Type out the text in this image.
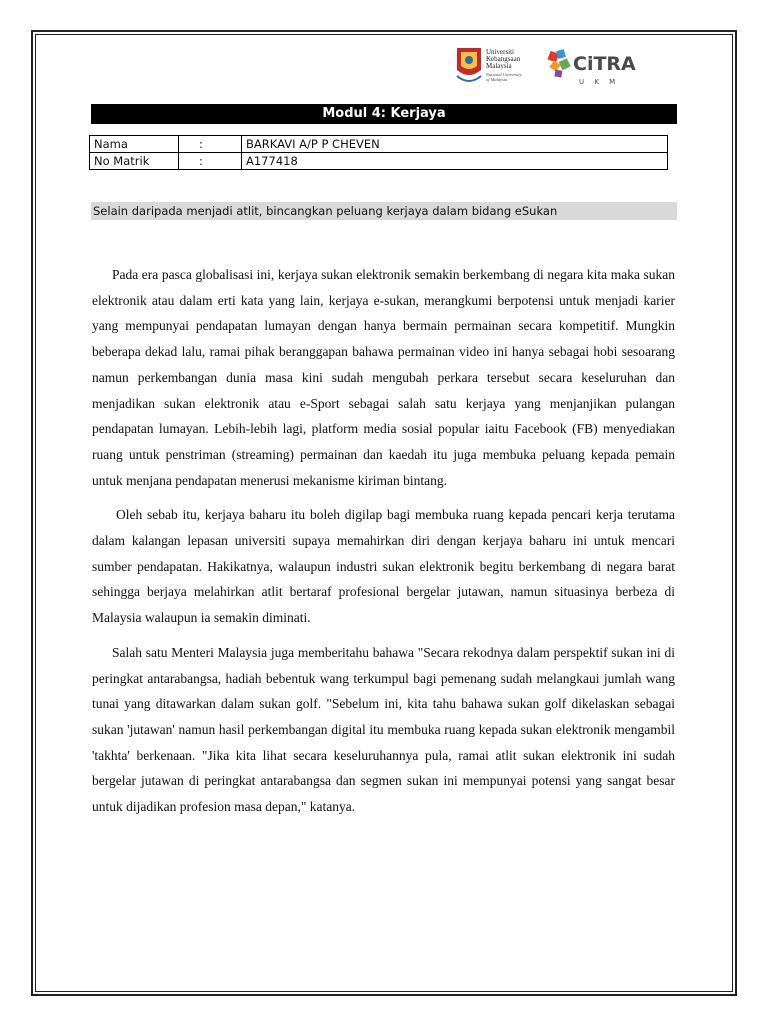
Universiti
Kebangsaan
Malaysia
National University
of Malaysia
CiTRA
U K M
Modul 4: Kerjaya
Nama	:	BARKAVI A/P P CHEVEN
No Matrik	:	A177418
Selain daripada menjadi atlit, bincangkan peluang kerjaya dalam bidang eSukan

Pada era pasca globalisasi ini, kerjaya sukan elektronik semakin berkembang di negara kita maka sukan elektronik atau dalam erti kata yang lain, kerjaya e-sukan, merangkumi berpotensi untuk menjadi karier yang mempunyai pendapatan lumayan dengan hanya bermain permainan secara kompetitif. Mungkin beberapa dekad lalu, ramai pihak beranggapan bahawa permainan video ini hanya sebagai hobi sesoarang namun perkembangan dunia masa kini sudah mengubah perkara tersebut secara keseluruhan dan menjadikan sukan elektronik atau e-Sport sebagai salah satu kerjaya yang menjanjikan pulangan pendapatan lumayan. Lebih-lebih lagi, platform media sosial popular iaitu Facebook (FB) menyediakan ruang untuk penstriman (streaming) permainan dan kaedah itu juga membuka peluang kepada pemain untuk menjana pendapatan menerusi mekanisme kiriman bintang.

Oleh sebab itu, kerjaya baharu itu boleh digilap bagi membuka ruang kepada pencari kerja terutama dalam kalangan lepasan universiti supaya memahirkan diri dengan kerjaya baharu ini untuk mencari sumber pendapatan. Hakikatnya, walaupun industri sukan elektronik begitu berkembang di negara barat sehingga berjaya melahirkan atlit bertaraf profesional bergelar jutawan, namun situasinya berbeza di Malaysia walaupun ia semakin diminati.

Salah satu Menteri Malaysia juga memberitahu bahawa "Secara rekodnya dalam perspektif sukan ini di peringkat antarabangsa, hadiah bebentuk wang terkumpul bagi pemenang sudah melangkaui jumlah wang tunai yang ditawarkan dalam sukan golf. "Sebelum ini, kita tahu bahawa sukan golf dikelaskan sebagai sukan 'jutawan' namun hasil perkembangan digital itu membuka ruang kepada sukan elektronik mengambil 'takhta' berkenaan. "Jika kita lihat secara keseluruhannya pula, ramai atlit sukan elektronik ini sudah bergelar jutawan di peringkat antarabangsa dan segmen sukan ini mempunyai potensi yang sangat besar untuk dijadikan profesion masa depan," katanya.
